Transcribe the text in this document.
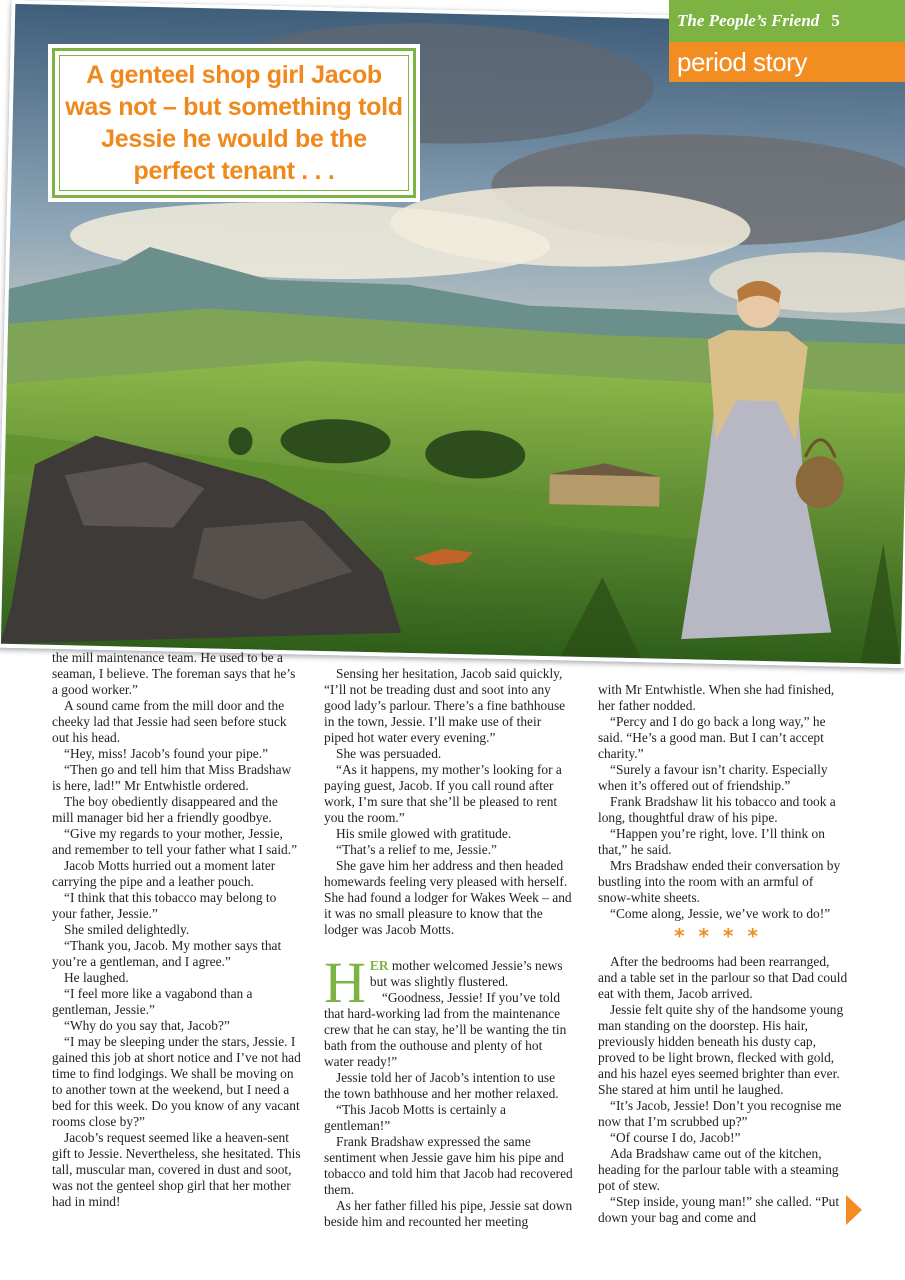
The People’s Friend 5
period story
A genteel shop girl Jacob was not – but something told Jessie he would be the perfect tenant . . .

the mill maintenance team. He used to be a seaman, I believe. The foreman says that he’s a good worker.”

A sound came from the mill door and the cheeky lad that Jessie had seen before stuck out his head.

“Hey, miss! Jacob’s found your pipe.”

“Then go and tell him that Miss Bradshaw is here, lad!” Mr Entwhistle ordered.

The boy obediently disappeared and the mill manager bid her a friendly goodbye.

“Give my regards to your mother, Jessie, and remember to tell your father what I said.”

Jacob Motts hurried out a moment later carrying the pipe and a leather pouch.

“I think that this tobacco may belong to your father, Jessie.”

She smiled delightedly.

“Thank you, Jacob. My mother says that you’re a gentleman, and I agree.”

He laughed.

“I feel more like a vagabond than a gentleman, Jessie.”

“Why do you say that, Jacob?”

“I may be sleeping under the stars, Jessie. I gained this job at short notice and I’ve not had time to find lodgings. We shall be moving on to another town at the weekend, but I need a bed for this week. Do you know of any vacant rooms close by?”

Jacob’s request seemed like a heaven-sent gift to Jessie. Nevertheless, she hesitated. This tall, muscular man, covered in dust and soot, was not the genteel shop girl that her mother had in mind!

Sensing her hesitation, Jacob said quickly, “I’ll not be treading dust and soot into any good lady’s parlour. There’s a fine bathhouse in the town, Jessie. I’ll make use of their piped hot water every evening.”

She was persuaded.

“As it happens, my mother’s looking for a paying guest, Jacob. If you call round after work, I’m sure that she’ll be pleased to rent you the room.”

His smile glowed with gratitude.

“That’s a relief to me, Jessie.”

She gave him her address and then headed homewards feeling very pleased with herself. She had found a lodger for Wakes Week – and it was no small pleasure to know that the lodger was Jacob Motts.

HER mother welcomed Jessie’s news but was slightly flustered.

“Goodness, Jessie! If you’ve told that hard-working lad from the maintenance crew that he can stay, he’ll be wanting the tin bath from the outhouse and plenty of hot water ready!”

Jessie told her of Jacob’s intention to use the town bathhouse and her mother relaxed.

“This Jacob Motts is certainly a gentleman!”

Frank Bradshaw expressed the same sentiment when Jessie gave him his pipe and tobacco and told him that Jacob had recovered them.

As her father filled his pipe, Jessie sat down beside him and recounted her meeting

with Mr Entwhistle. When she had finished, her father nodded.

“Percy and I do go back a long way,” he said. “He’s a good man. But I can’t accept charity.”

“Surely a favour isn’t charity. Especially when it’s offered out of friendship.”

Frank Bradshaw lit his tobacco and took a long, thoughtful draw of his pipe.

“Happen you’re right, love. I’ll think on that,” he said.

Mrs Bradshaw ended their conversation by bustling into the room with an armful of snow-white sheets.

“Come along, Jessie, we’ve work to do!”

****

After the bedrooms had been rearranged, and a table set in the parlour so that Dad could eat with them, Jacob arrived.

Jessie felt quite shy of the handsome young man standing on the doorstep. His hair, previously hidden beneath his dusty cap, proved to be light brown, flecked with gold, and his hazel eyes seemed brighter than ever. She stared at him until he laughed.

“It’s Jacob, Jessie! Don’t you recognise me now that I’m scrubbed up?”

“Of course I do, Jacob!”

Ada Bradshaw came out of the kitchen, heading for the parlour table with a steaming pot of stew.

“Step inside, young man!” she called. “Put down your bag and come and
